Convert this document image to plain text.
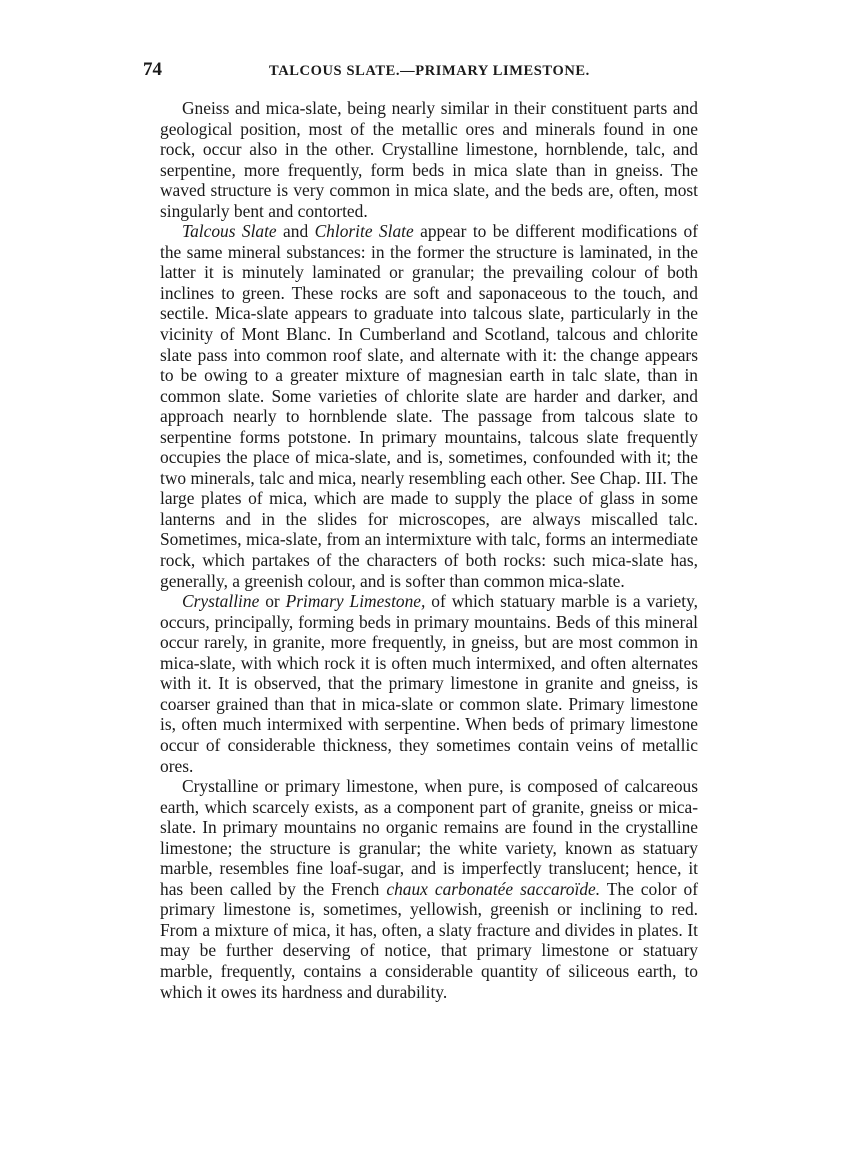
74	TALCOUS SLATE.—PRIMARY LIMESTONE.

Gneiss and mica-slate, being nearly similar in their constituent parts and geological position, most of the metallic ores and minerals found in one rock, occur also in the other. Crystalline limestone, hornblende, talc, and serpentine, more frequently, form beds in mica slate than in gneiss. The waved structure is very common in mica slate, and the beds are, often, most singularly bent and contorted.

Talcous Slate and Chlorite Slate appear to be different modifications of the same mineral substances: in the former the structure is laminated, in the latter it is minutely laminated or granular; the prevailing colour of both inclines to green. These rocks are soft and saponaceous to the touch, and sectile. Mica-slate appears to graduate into talcous slate, particularly in the vicinity of Mont Blanc. In Cumberland and Scotland, talcous and chlorite slate pass into common roof slate, and alternate with it: the change appears to be owing to a greater mixture of magnesian earth in talc slate, than in common slate. Some varieties of chlorite slate are harder and darker, and approach nearly to hornblende slate. The passage from talcous slate to serpentine forms potstone. In primary mountains, talcous slate frequently occupies the place of mica-slate, and is, sometimes, confounded with it; the two minerals, talc and mica, nearly resembling each other. See Chap. III. The large plates of mica, which are made to supply the place of glass in some lanterns and in the slides for microscopes, are always miscalled talc. Sometimes, mica-slate, from an intermixture with talc, forms an intermediate rock, which partakes of the characters of both rocks: such mica-slate has, generally, a greenish colour, and is softer than common mica-slate.

Crystalline or Primary Limestone, of which statuary marble is a variety, occurs, principally, forming beds in primary mountains. Beds of this mineral occur rarely, in granite, more frequently, in gneiss, but are most common in mica-slate, with which rock it is often much intermixed, and often alternates with it. It is observed, that the primary limestone in granite and gneiss, is coarser grained than that in mica-slate or common slate. Primary limestone is, often much intermixed with serpentine. When beds of primary limestone occur of considerable thickness, they sometimes contain veins of metallic ores.

Crystalline or primary limestone, when pure, is composed of calcareous earth, which scarcely exists, as a component part of granite, gneiss or mica-slate. In primary mountains no organic remains are found in the crystalline limestone; the structure is granular; the white variety, known as statuary marble, resembles fine loaf-sugar, and is imperfectly translucent; hence, it has been called by the French chaux carbonatée saccaroïde. The color of primary limestone is, sometimes, yellowish, greenish or inclining to red. From a mixture of mica, it has, often, a slaty fracture and divides in plates. It may be further deserving of notice, that primary limestone or statuary marble, frequently, contains a considerable quantity of siliceous earth, to which it owes its hardness and durability.
